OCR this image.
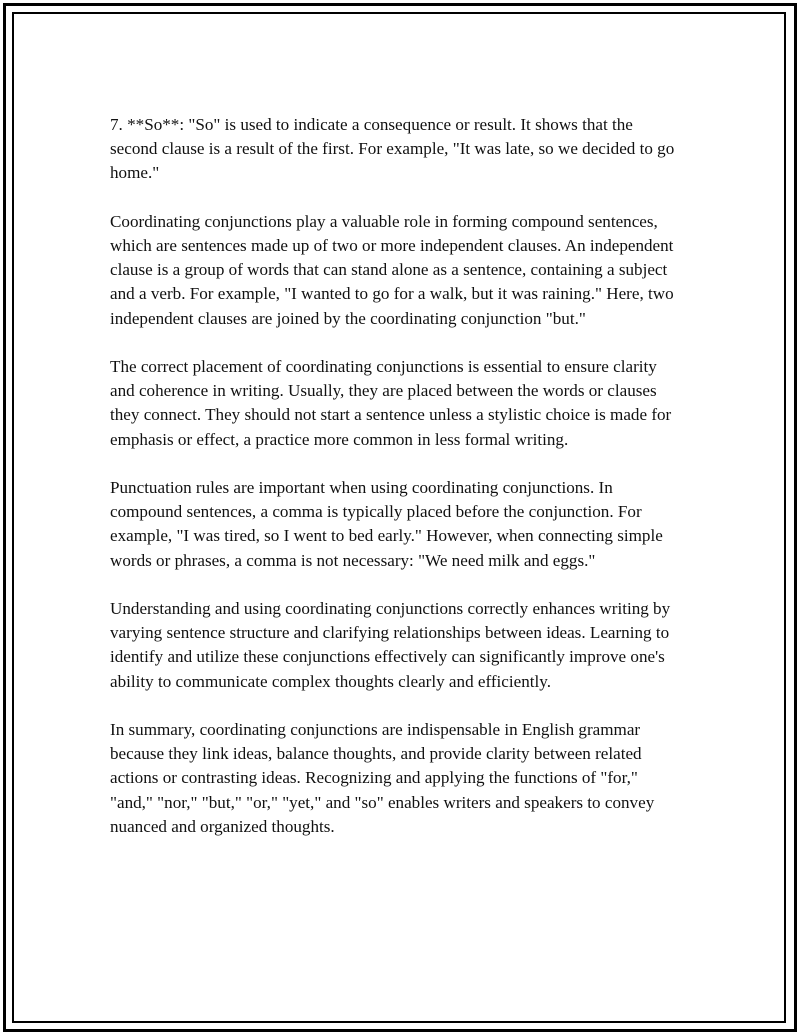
7. **So**: "So" is used to indicate a consequence or result. It shows that the second clause is a result of the first. For example, "It was late, so we decided to go home."

Coordinating conjunctions play a valuable role in forming compound sentences, which are sentences made up of two or more independent clauses. An independent clause is a group of words that can stand alone as a sentence, containing a subject and a verb. For example, "I wanted to go for a walk, but it was raining." Here, two independent clauses are joined by the coordinating conjunction "but."

The correct placement of coordinating conjunctions is essential to ensure clarity and coherence in writing. Usually, they are placed between the words or clauses they connect. They should not start a sentence unless a stylistic choice is made for emphasis or effect, a practice more common in less formal writing.

Punctuation rules are important when using coordinating conjunctions. In compound sentences, a comma is typically placed before the conjunction. For example, "I was tired, so I went to bed early." However, when connecting simple words or phrases, a comma is not necessary: "We need milk and eggs."

Understanding and using coordinating conjunctions correctly enhances writing by varying sentence structure and clarifying relationships between ideas. Learning to identify and utilize these conjunctions effectively can significantly improve one's ability to communicate complex thoughts clearly and efficiently.

In summary, coordinating conjunctions are indispensable in English grammar because they link ideas, balance thoughts, and provide clarity between related actions or contrasting ideas. Recognizing and applying the functions of "for," "and," "nor," "but," "or," "yet," and "so" enables writers and speakers to convey nuanced and organized thoughts.
